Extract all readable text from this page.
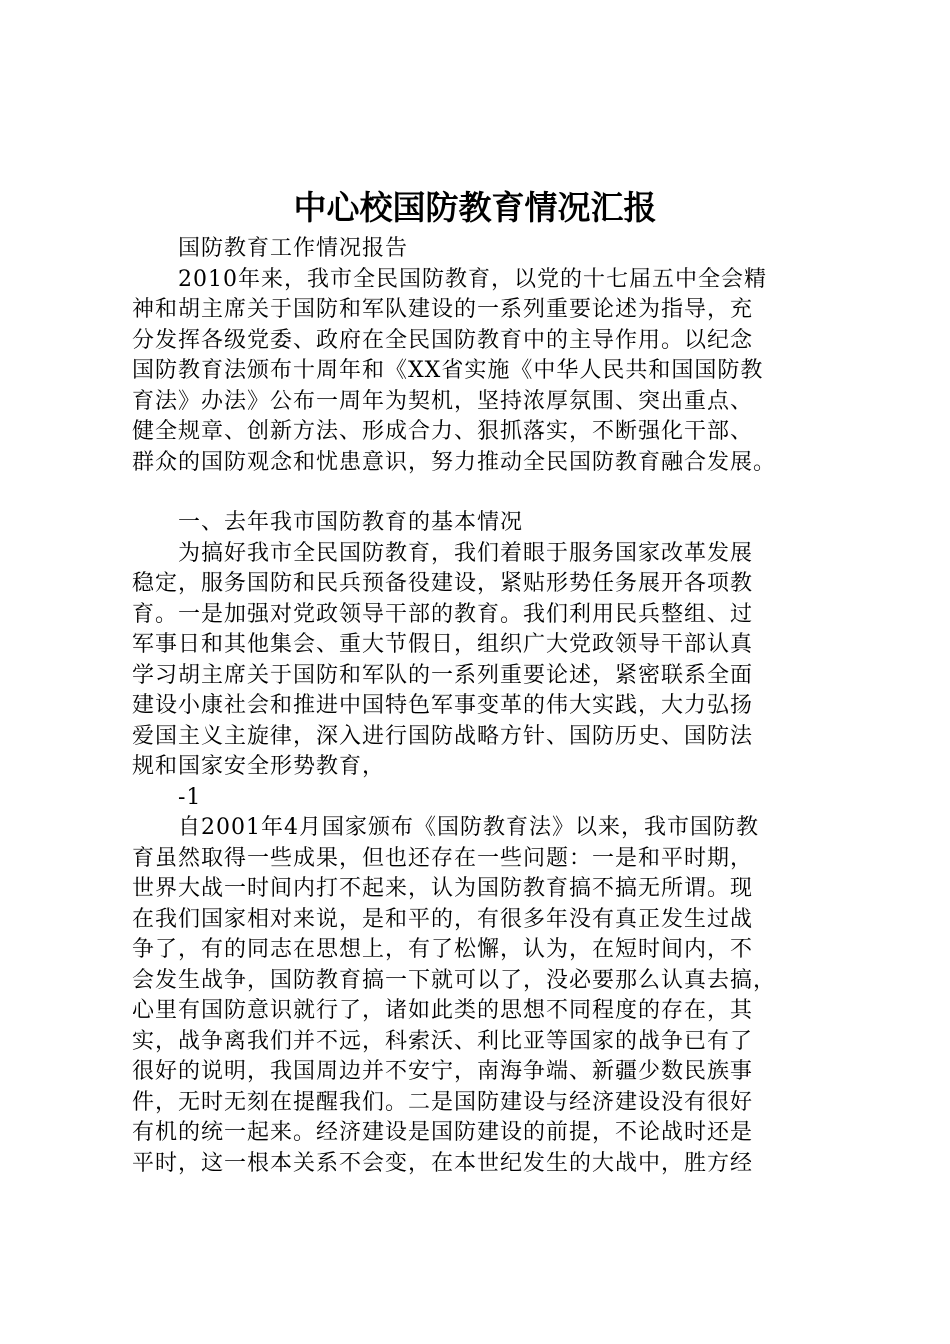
中心校国防教育情况汇报
国防教育工作情况报告
2010年来，我市全民国防教育，以党的十七届五中全会精
神和胡主席关于国防和军队建设的一系列重要论述为指导，充
分发挥各级党委、政府在全民国防教育中的主导作用。以纪念
国防教育法颁布十周年和《XX省实施《中华人民共和国国防教
育法》办法》公布一周年为契机，坚持浓厚氛围、突出重点、
健全规章、创新方法、形成合力、狠抓落实，不断强化干部、
群众的国防观念和忧患意识，努力推动全民国防教育融合发展。
一、去年我市国防教育的基本情况
为搞好我市全民国防教育，我们着眼于服务国家改革发展
稳定，服务国防和民兵预备役建设，紧贴形势任务展开各项教
育。一是加强对党政领导干部的教育。我们利用民兵整组、过
军事日和其他集会、重大节假日，组织广大党政领导干部认真
学习胡主席关于国防和军队的一系列重要论述，紧密联系全面
建设小康社会和推进中国特色军事变革的伟大实践，大力弘扬
爱国主义主旋律，深入进行国防战略方针、国防历史、国防法
规和国家安全形势教育，
-1
自2001年4月国家颁布《国防教育法》以来，我市国防教
育虽然取得一些成果，但也还存在一些问题：一是和平时期，
世界大战一时间内打不起来，认为国防教育搞不搞无所谓。现
在我们国家相对来说，是和平的，有很多年没有真正发生过战
争了，有的同志在思想上，有了松懈，认为，在短时间内，不
会发生战争，国防教育搞一下就可以了，没必要那么认真去搞，
心里有国防意识就行了，诸如此类的思想不同程度的存在，其
实，战争离我们并不远，科索沃、利比亚等国家的战争已有了
很好的说明，我国周边并不安宁，南海争端、新疆少数民族事
件，无时无刻在提醒我们。二是国防建设与经济建设没有很好
有机的统一起来。经济建设是国防建设的前提，不论战时还是
平时，这一根本关系不会变，在本世纪发生的大战中，胜方经
